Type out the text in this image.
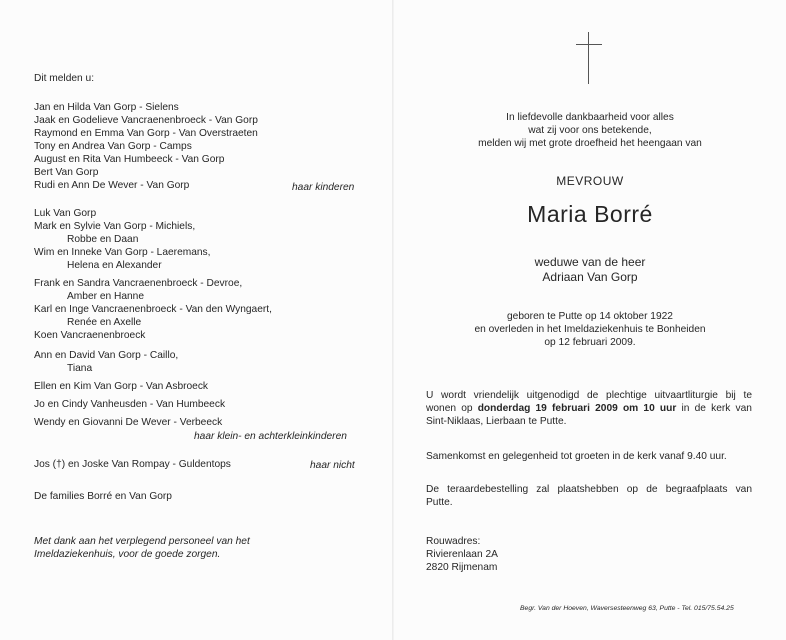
Dit melden u:
Jan en Hilda Van Gorp - Sielens
Jaak en Godelieve Vancraenenbroeck - Van Gorp
Raymond en Emma Van Gorp - Van Overstraeten
Tony en Andrea Van Gorp - Camps
August en Rita Van Humbeeck - Van Gorp
Bert Van Gorp
Rudi en Ann De Wever - Van Gorp	haar kinderen
Luk Van Gorp
Mark en Sylvie Van Gorp - Michiels,
Robbe en Daan
Wim en Inneke Van Gorp - Laeremans,
Helena en Alexander
Frank en Sandra Vancraenenbroeck - Devroe,
Amber en Hanne
Karl en Inge Vancraenenbroeck - Van den Wyngaert,
Renée en Axelle
Koen Vancraenenbroeck
Ann en David Van Gorp - Caillo,
Tiana
Ellen en Kim Van Gorp - Van Asbroeck
Jo en Cindy Vanheusden - Van Humbeeck
Wendy en Giovanni De Wever - Verbeeck
haar klein- en achterkleinkinderen
Jos (†) en Joske Van Rompay - Guldentops	haar nicht
De families Borré en Van Gorp
Met dank aan het verplegend personeel van het
Imeldaziekenhuis, voor de goede zorgen.
In liefdevolle dankbaarheid voor alles
wat zij voor ons betekende,
melden wij met grote droefheid het heengaan van
MEVROUW
Maria Borré
weduwe van de heer
Adriaan Van Gorp
geboren te Putte op 14 oktober 1922
en overleden in het Imeldaziekenhuis te Bonheiden
op 12 februari 2009.
U wordt vriendelijk uitgenodigd de plechtige uitvaartliturgie bij te
wonen op donderdag 19 februari 2009 om 10 uur in de kerk van
Sint-Niklaas, Lierbaan te Putte.
Samenkomst en gelegenheid tot groeten in de kerk vanaf 9.40 uur.
De teraardebestelling zal plaatshebben op de begraafplaats van
Putte.
Rouwadres:
Rivierenlaan 2A
2820 Rijmenam
Begr. Van der Hoeven, Waversesteenweg 63, Putte - Tel. 015/75.54.25
